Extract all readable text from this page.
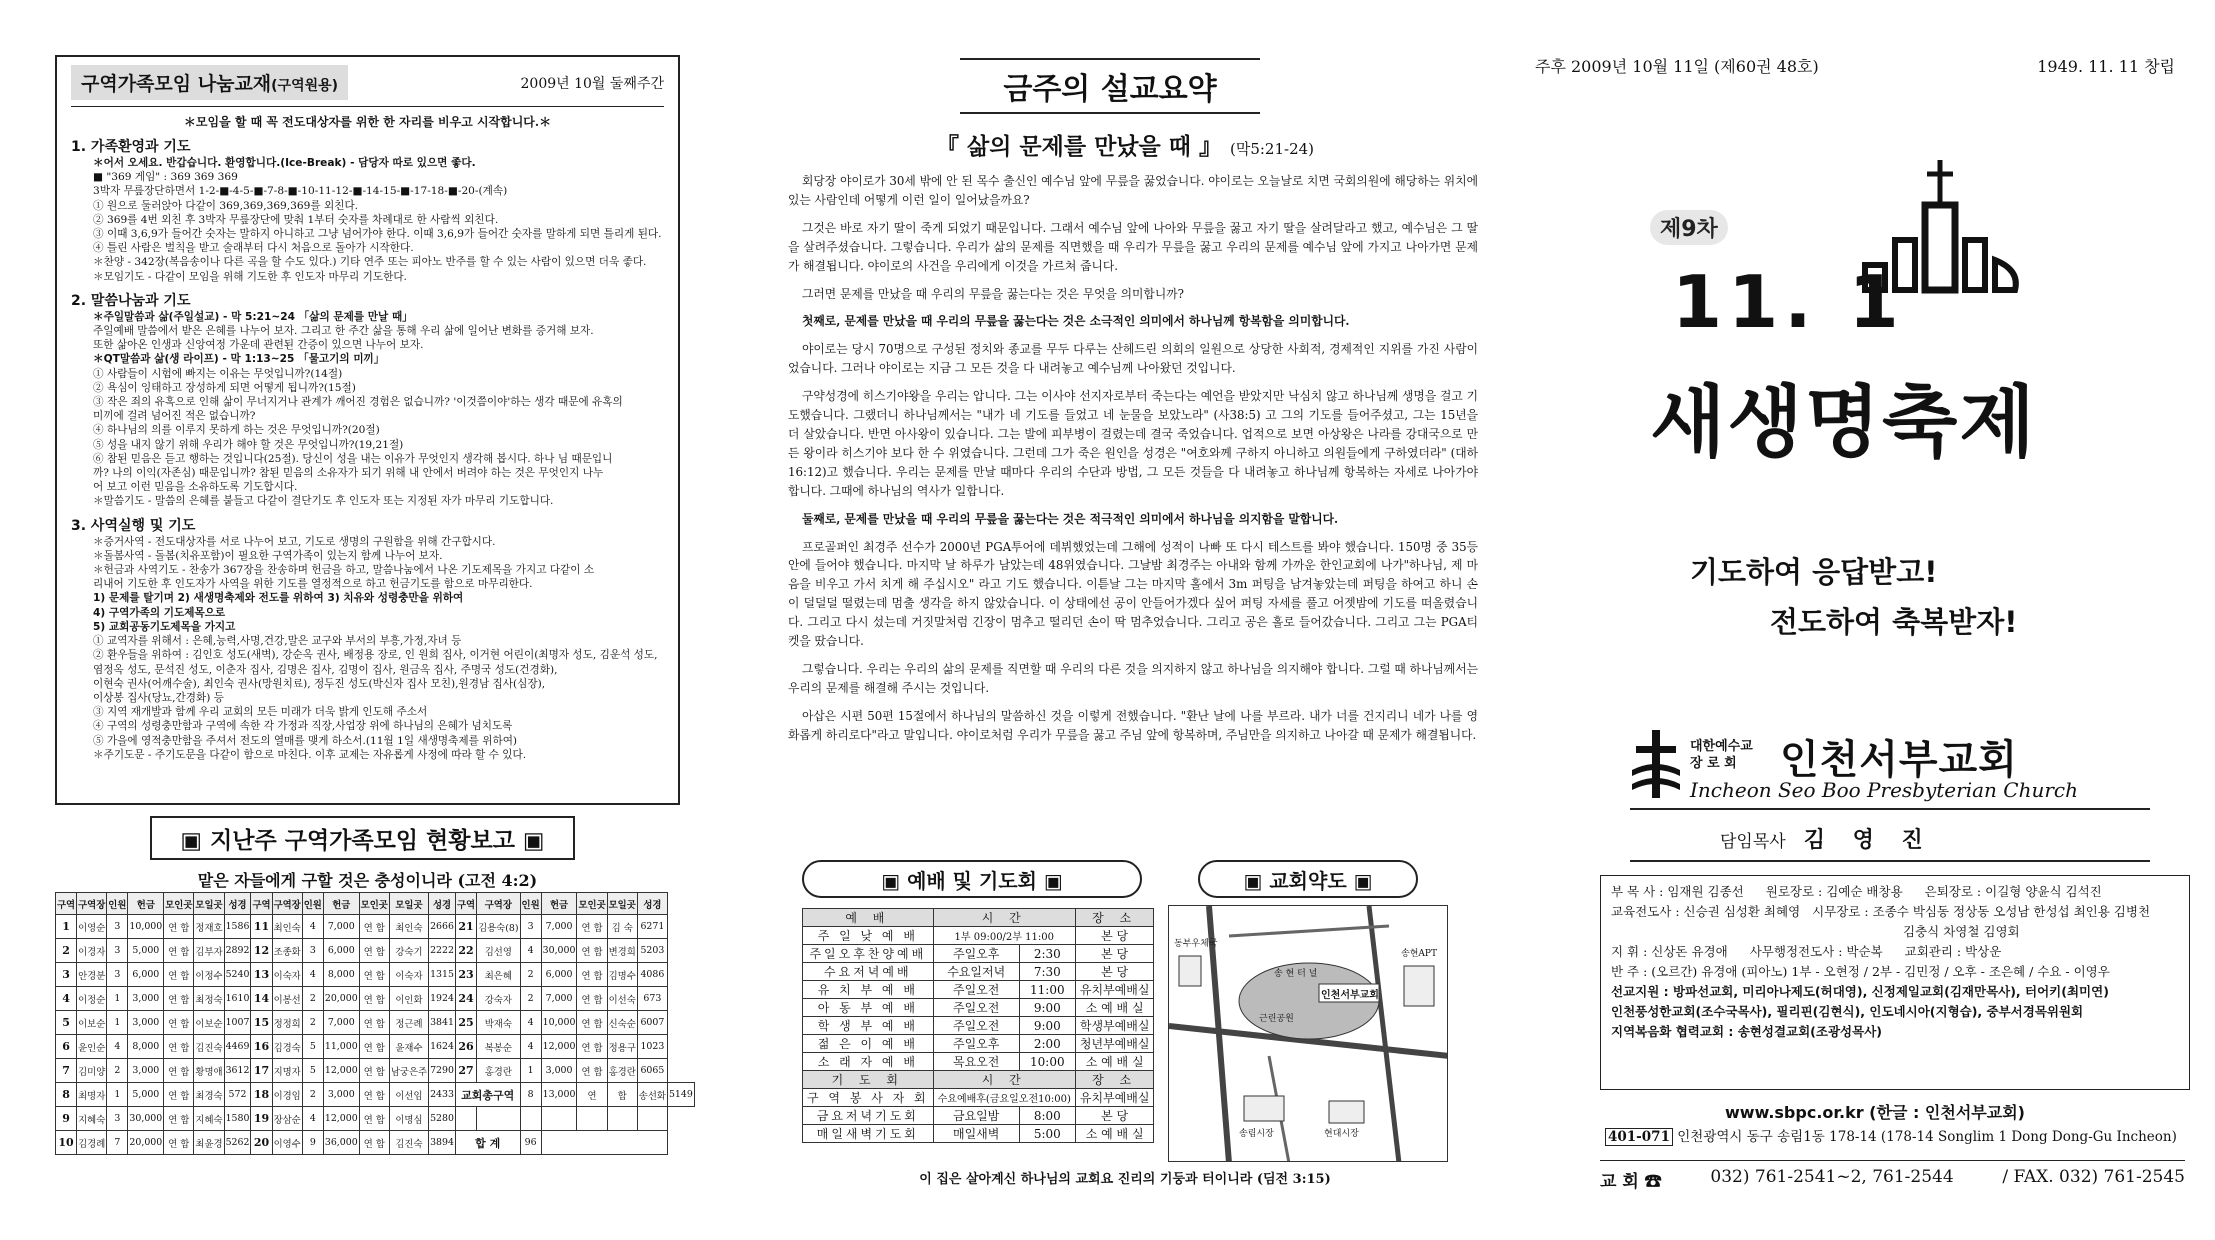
구역가족모임 나눔교재(구역원용)	2009년 10월 둘째주간
＊모임을 할 때 꼭 전도대상자를 위한 한 자리를 비우고 시작합니다.＊
1. 가족환영과 기도
＊어서 오세요. 반갑습니다. 환영합니다.(Ice-Break) - 담당자 따로 있으면 좋다.
■ "369 게임" : 369 369 369
3박자 무릎장단하면서 1-2-■-4-5-■-7-8-■-10-11-12-■-14-15-■-17-18-■-20-(계속)
① 원으로 둘러앉아 다같이 369,369,369,369를 외친다.
② 369를 4번 외친 후 3박자 무릎장단에 맞춰 1부터 숫자를 차례대로 한 사람씩 외친다.
③ 이때 3,6,9가 들어간 숫자는 말하지 아니하고 그냥 넘어가야 한다. 이때 3,6,9가 들어간 숫자를 말하게 되면 틀리게 된다.
④ 틀린 사람은 벌칙을 받고 술래부터 다시 처음으로 돌아가 시작한다.
＊찬양 - 342장(복음송이나 다른 곡을 할 수도 있다.) 기타 연주 또는 피아노 반주를 할 수 있는 사람이 있으면 더욱 좋다.
＊모임기도 - 다같이 모임을 위해 기도한 후 인도자 마무리 기도한다.
2. 말씀나눔과 기도
＊주일말씀과 삶(주일설교) - 막 5:21~24 「삶의 문제를 만날 때」
주일예배 말씀에서 받은 은혜를 나누어 보자. 그리고 한 주간 삶을 통해 우리 삶에 일어난 변화를 증거해 보자.
또한 삶아온 인생과 신앙여정 가운데 관련된 간증이 있으면 나누어 보자.
＊QT말씀과 삶(생 라이프) - 막 1:13~25 「물고기의 미끼」
① 사람들이 시험에 빠지는 이유는 무엇입니까?(14절)
② 욕심이 잉태하고 장성하게 되면 어떻게 됩니까?(15절)
③ 작은 죄의 유혹으로 인해 삶이 무너지거나 관계가 깨어진 경험은 없습니까? '이것쯤이야'하는 생각 때문에 유혹의
미끼에 걸려 넘어진 적은 없습니까?
④ 하나님의 의를 이루지 못하게 하는 것은 무엇입니까?(20절)
⑤ 성을 내지 않기 위해 우리가 해야 할 것은 무엇입니까?(19,21절)
⑥ 참된 믿음은 듣고 행하는 것입니다(25절). 당신이 성을 내는 이유가 무엇인지 생각해 봅시다. 하나 님 때문입니
까? 나의 이익(자존심) 때문입니까? 참된 믿음의 소유자가 되기 위해 내 안에서 버려야 하는 것은 무엇인지 나누
어 보고 이런 믿음을 소유하도록 기도합시다.
＊말씀기도 - 말씀의 은혜를 붙들고 다같이 결단기도 후 인도자 또는 지정된 자가 마무리 기도합니다.
3. 사역실행 및 기도
＊증거사역 - 전도대상자를 서로 나누어 보고, 기도로 생명의 구원함을 위해 간구합시다.
＊돌봄사역 - 돌봄(치유포함)이 필요한 구역가족이 있는지 함께 나누어 보자.
＊헌금과 사역기도 - 찬송가 367장을 찬송하며 헌금을 하고, 말씀나눔에서 나온 기도제목을 가지고 다같이 소
리내어 기도한 후 인도자가 사역을 위한 기도를 열정적으로 하고 헌금기도를 함으로 마무리한다.
1) 문제를 탈기며 2) 새생명축제와 전도를 위하여 3) 치유와 성령충만을 위하여
4) 구역가족의 기도제목으로
5) 교회공동기도제목을 가지고
① 교역자를 위해서 : 은혜,능력,사명,건강,말은 교구와 부서의 부흥,가정,자녀 등
② 환우들을 위하여 : 김인호 성도(새벽), 강순옥 권사, 배정용 장로, 인 원희 집사, 이거현 어린이(최명자 성도, 김운석 성도,
염정옥 성도, 문석진 성도, 이춘자 집사, 김명은 집사, 김명이 집사, 원금옥 집사, 주명국 성도(건경화),
이현숙 권사(어깨수술), 최인숙 권사(망원치료), 정두진 성도(박신자 집사 모친),원경남 집사(심장),
이상봉 집사(당뇨,간경화) 등
③ 지역 재개발과 함께 우리 교회의 모든 미래가 더욱 밝게 인도해 주소서
④ 구역의 성령충만함과 구역에 속한 각 가정과 직장,사업장 위에 하나님의 은혜가 넘치도록
⑤ 가을에 영적충만함을 주셔서 전도의 열매를 맺게 하소서.(11월 1일 새생명축제를 위하여)
＊주기도문 - 주기도문을 다같이 함으로 마친다. 이후 교제는 자유롭게 사정에 따라 할 수 있다.
▣ 지난주 구역가족모임 현황보고 ▣
맡은 자들에게 구할 것은 충성이니라 (고전 4:2)
구역	구역장	인원	헌금	모인곳	모일곳	성경	구역	구역장	인원	헌금	모인곳	모일곳	성경	구역	구역장	인원	헌금	모인곳	모일곳	성경	
1	이영순	3	10,000	연 합	정재호	1586	11	최인숙	4	7,000	연 합	최인숙	2666	21	김용숙(8)	3	7,000	연 합	김 숙	6271	
2	이경자	3	5,000	연 합	김부자	2892	12	조종화	3	6,000	연 합	강숙기	2222	22	김선영	4	30,000	연 합	변경희	5203	
3	안경분	3	6,000	연 합	이정수	5240	13	이숙자	4	8,000	연 합	이숙자	1315	23	최은혜	2	6,000	연 합	김명수	4086	
4	이정순	1	3,000	연 합	최정숙	1610	14	이봉선	2	20,000	연 합	이인화	1924	24	강숙자	2	7,000	연 합	이선숙	673	
5	이보순	1	3,000	연 합	이보순	1007	15	정정희	2	7,000	연 합	정근례	3841	25	박재숙	4	10,000	연 합	신숙순	6007	
6	윤인순	4	8,000	연 합	김진숙	4469	16	김경숙	5	11,000	연 합	윤재수	1624	26	복봉순	4	12,000	연 합	정용구	1023	
7	김미양	2	3,000	연 합	황명애	3612	17	지명자	5	12,000	연 합	남궁은주	7290	27	홍경란	1	3,000	연 합	홍경란	6065	
8	최명자	1	5,000	연 합	최경숙	572	18	이경임	2	3,000	연 합	이선임	2433	교회총구역		8	13,000	연	합	송선화	5149
9	지혜숙	3	30,000	연 합	지혜숙	1580	19	장삼순	4	12,000	연 합	이명심	5280								
10	김경례	7	20,000	연 합	최윤경	5262	20	이영수	9	36,000	연 합	김진숙	3894	합 계		96					
금주의 설교요약
『 삶의 문제를 만났을 때 』 (막5:21-24)

회당장 야이로가 30세 밖에 안 된 목수 출신인 예수님 앞에 무릎을 꿇었습니다. 야이로는 오늘날로 치면 국회의원에 해당하는 위치에 있는 사람인데 어떻게 이런 일이 일어났을까요?

그것은 바로 자기 딸이 죽게 되었기 때문입니다. 그래서 예수님 앞에 나아와 무릎을 꿇고 자기 딸을 살려달라고 했고, 예수님은 그 딸을 살려주셨습니다. 그렇습니다. 우리가 삶의 문제를 직면했을 때 우리가 무릎을 꿇고 우리의 문제를 예수님 앞에 가지고 나아가면 문제가 해결됩니다. 야이로의 사건을 우리에게 이것을 가르쳐 줍니다.

그러면 문제를 만났을 때 우리의 무릎을 꿇는다는 것은 무엇을 의미합니까?

첫째로, 문제를 만났을 때 우리의 무릎을 꿇는다는 것은 소극적인 의미에서 하나님께 항복함을 의미합니다.

야이로는 당시 70명으로 구성된 정치와 종교를 무두 다루는 산헤드린 의회의 일원으로 상당한 사회적, 경제적인 지위를 가진 사람이었습니다. 그러나 야이로는 지금 그 모든 것을 다 내려놓고 예수님께 나아왔던 것입니다.

구약성경에 히스기야왕을 우리는 압니다. 그는 이사야 선지자로부터 죽는다는 예언을 받았지만 낙심치 않고 하나님께 생명을 걸고 기도했습니다. 그랬더니 하나님께서는 "내가 네 기도를 들었고 네 눈물을 보았노라" (사38:5) 고 그의 기도를 들어주셨고, 그는 15년을 더 살았습니다. 반면 아사왕이 있습니다. 그는 발에 피부병이 걸렸는데 결국 죽었습니다. 업적으로 보면 아상왕은 나라를 강대국으로 만든 왕이라 히스기야 보다 한 수 위였습니다. 그런데 그가 죽은 원인을 성경은 "여호와께 구하지 아니하고 의원들에게 구하였더라" (대하16:12)고 했습니다. 우리는 문제를 만날 때마다 우리의 수단과 방법, 그 모든 것들을 다 내려놓고 하나님께 항복하는 자세로 나아가야 합니다. 그때에 하나님의 역사가 일합니다.

둘째로, 문제를 만났을 때 우리의 무릎을 꿇는다는 것은 적극적인 의미에서 하나님을 의지함을 말합니다.

프로골퍼인 최경주 선수가 2000년 PGA투어에 데뷔했었는데 그해에 성적이 나빠 또 다시 테스트를 봐야 했습니다. 150명 중 35등 안에 들어야 했습니다. 마지막 날 하루가 남았는데 48위였습니다. 그날밤 최경주는 아내와 함께 가까운 한인교회에 나가"하나님, 제 마음을 비우고 가서 치게 해 주십시오" 라고 기도 했습니다. 이튿날 그는 마지막 홀에서 3m 퍼팅을 남겨놓았는데 퍼팅을 하여고 하니 손이 덜덜덜 떨렸는데 멈출 생각을 하지 않았습니다. 이 상태에선 공이 안들어가겠다 싶어 퍼팅 자세를 풀고 어젯밤에 기도를 떠올렸습니다. 그리고 다시 섰는데 거짓말처럼 긴장이 멈추고 떨리던 손이 딱 멈추었습니다. 그리고 공은 홀로 들어갔습니다. 그리고 그는 PGA티켓을 땄습니다.

그렇습니다. 우리는 우리의 삶의 문제를 직면할 때 우리의 다른 것을 의지하지 않고 하나님을 의지해야 합니다. 그럴 때 하나님께서는 우리의 문제를 해결해 주시는 것입니다.

아삽은 시편 50편 15절에서 하나님의 말씀하신 것을 이렇게 전했습니다. "환난 날에 나를 부르라. 내가 너를 건지리니 네가 나를 영화롭게 하리로다"라고 말입니다. 야이로처럼 우리가 무릎을 꿇고 주님 앞에 항복하며, 주님만을 의지하고 나아갈 때 문제가 해결됩니다.

▣ 예배 및 기도회 ▣	▣ 교회약도 ▣
예 배	시 간		장 소
주 일 낮 예 배	1부 09:00/2부 11:00		본 당
주일오후찬양예배	주일오후	2:30	본 당
수요저녁예배	수요일저녁	7:30	본 당
유 치 부 예 배	주일오전	11:00	유치부예배실
아 동 부 예 배	주일오전	9:00	소 예 배 실
학 생 부 예 배	주일오전	9:00	학생부예배실
젊 은 이 예 배	주일오후	2:00	청년부예배실
소 래 자 예 배	목요오전	10:00	소 예 배 실
기 도 회	시 간		장 소
구 역 봉 사 자 회	수요예배후(금요일오전10:00)		유치부예배실
금요저녁기도회	금요일밤	8:00	본 당
매일새벽기도회	매일새벽	5:00	소 예 배 실
인천서부교회
송 현 터 널
송림시장	현대시장
근린공원
송현APT
동부우체국
이 집은 살아계신 하나님의 교회요 진리의 기둥과 터이니라 (딤전 3:15)
주후 2009년 10월 11일 (제60권 48호)	1949. 11. 11 창립
제9차
11. 1
새생명축제
기도하여 응답받고!
전도하여 축복받자!
대한예수교
장 로 회	인천서부교회
Incheon Seo Boo Presbyterian Church
담임목사 김 영 진
부 목 사 : 임재원 김종선 원로장로 : 김예순 배창용 은퇴장로 : 이길형 양윤식 김석진
교육전도사 : 신승권 심성환 최혜영 시무장로 : 조종수 박심동 정상동 오성남 한성섭 최인용 김병천
김충식 차영철 김영회
지 휘 : 신상돈 유경애 사무행정전도사 : 박순복 교회관리 : 박상운
반 주 : (오르간) 유경애 (피아노) 1부 - 오현정 / 2부 - 김민정 / 오후 - 조은혜 / 수요 - 이영우
선교지원 : 방파선교회, 미리아나제도(허대영), 신정제일교회(김재만목사), 터어키(최미연)
인천풍성한교회(조수국목사), 필리핀(김현식), 인도네시아(지형습), 중부서경목위원회
지역복음화 협력교회 : 송현성결교회(조광성목사)
www.sbpc.or.kr (한글 : 인천서부교회)
401-071 인천광역시 동구 송림1동 178-14 (178-14 Songlim 1 Dong Dong-Gu Incheon)
교 회 ☎	032) 761-2541~2, 761-2544	/ FAX. 032) 761-2545
